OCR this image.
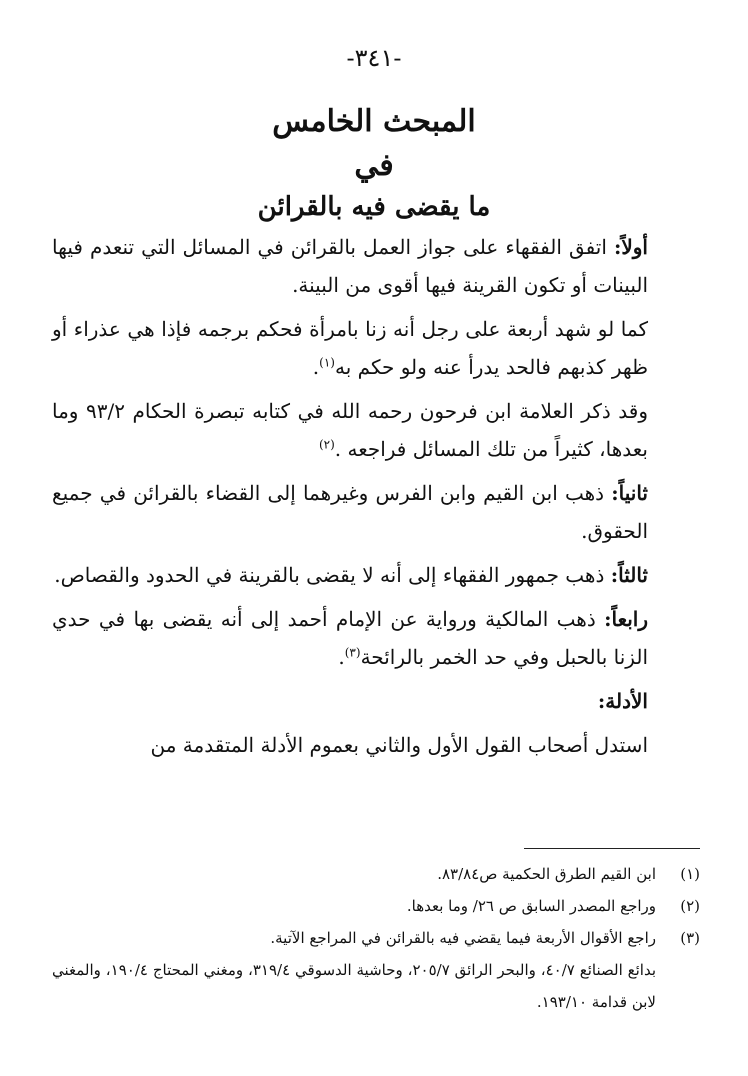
-٣٤١-
المبحث الخامس
في
ما يقضى فيه بالقرائن

أولاً: اتفق الفقهاء على جواز العمل بالقرائن في المسائل التي تنعدم فيها البينات أو تكون القرينة فيها أقوى من البينة.

كما لو شهد أربعة على رجل أنه زنا بامرأة فحكم برجمه فإذا هي عذراء أو ظهر كذبهم فالحد يدرأ عنه ولو حكم به$^{(١)}$.

وقد ذكر العلامة ابن فرحون رحمه الله في كتابه تبصرة الحكام ٩٣/٢ وما بعدها، كثيراً من تلك المسائل فراجعه .$^{(٢)}$

ثانياً: ذهب ابن القيم وابن الفرس وغيرهما إلى القضاء بالقرائن في جميع الحقوق.

ثالثاً: ذهب جمهور الفقهاء إلى أنه لا يقضى بالقرينة في الحدود والقصاص.

رابعاً: ذهب المالكية ورواية عن الإمام أحمد إلى أنه يقضى بها في حدي الزنا بالحبل وفي حد الخمر بالرائحة$^{(٣)}$.

الأدلة:

استدل أصحاب القول الأول والثاني بعموم الأدلة المتقدمة من

(١)
ابن القيم الطرق الحكمية ص٨٣/٨٤.
(٢)
وراجع المصدر السابق ص ٢٦/ وما بعدها.
(٣)
راجع الأقوال الأربعة فيما يقضي فيه بالقرائن في المراجع الآتية.
بدائع الصنائع ٤٠/٧، والبحر الرائق ٢٠٥/٧، وحاشية الدسوقي ٣١٩/٤، ومغني المحتاج ١٩٠/٤، والمغني لابن قدامة ١٩٣/١٠.
